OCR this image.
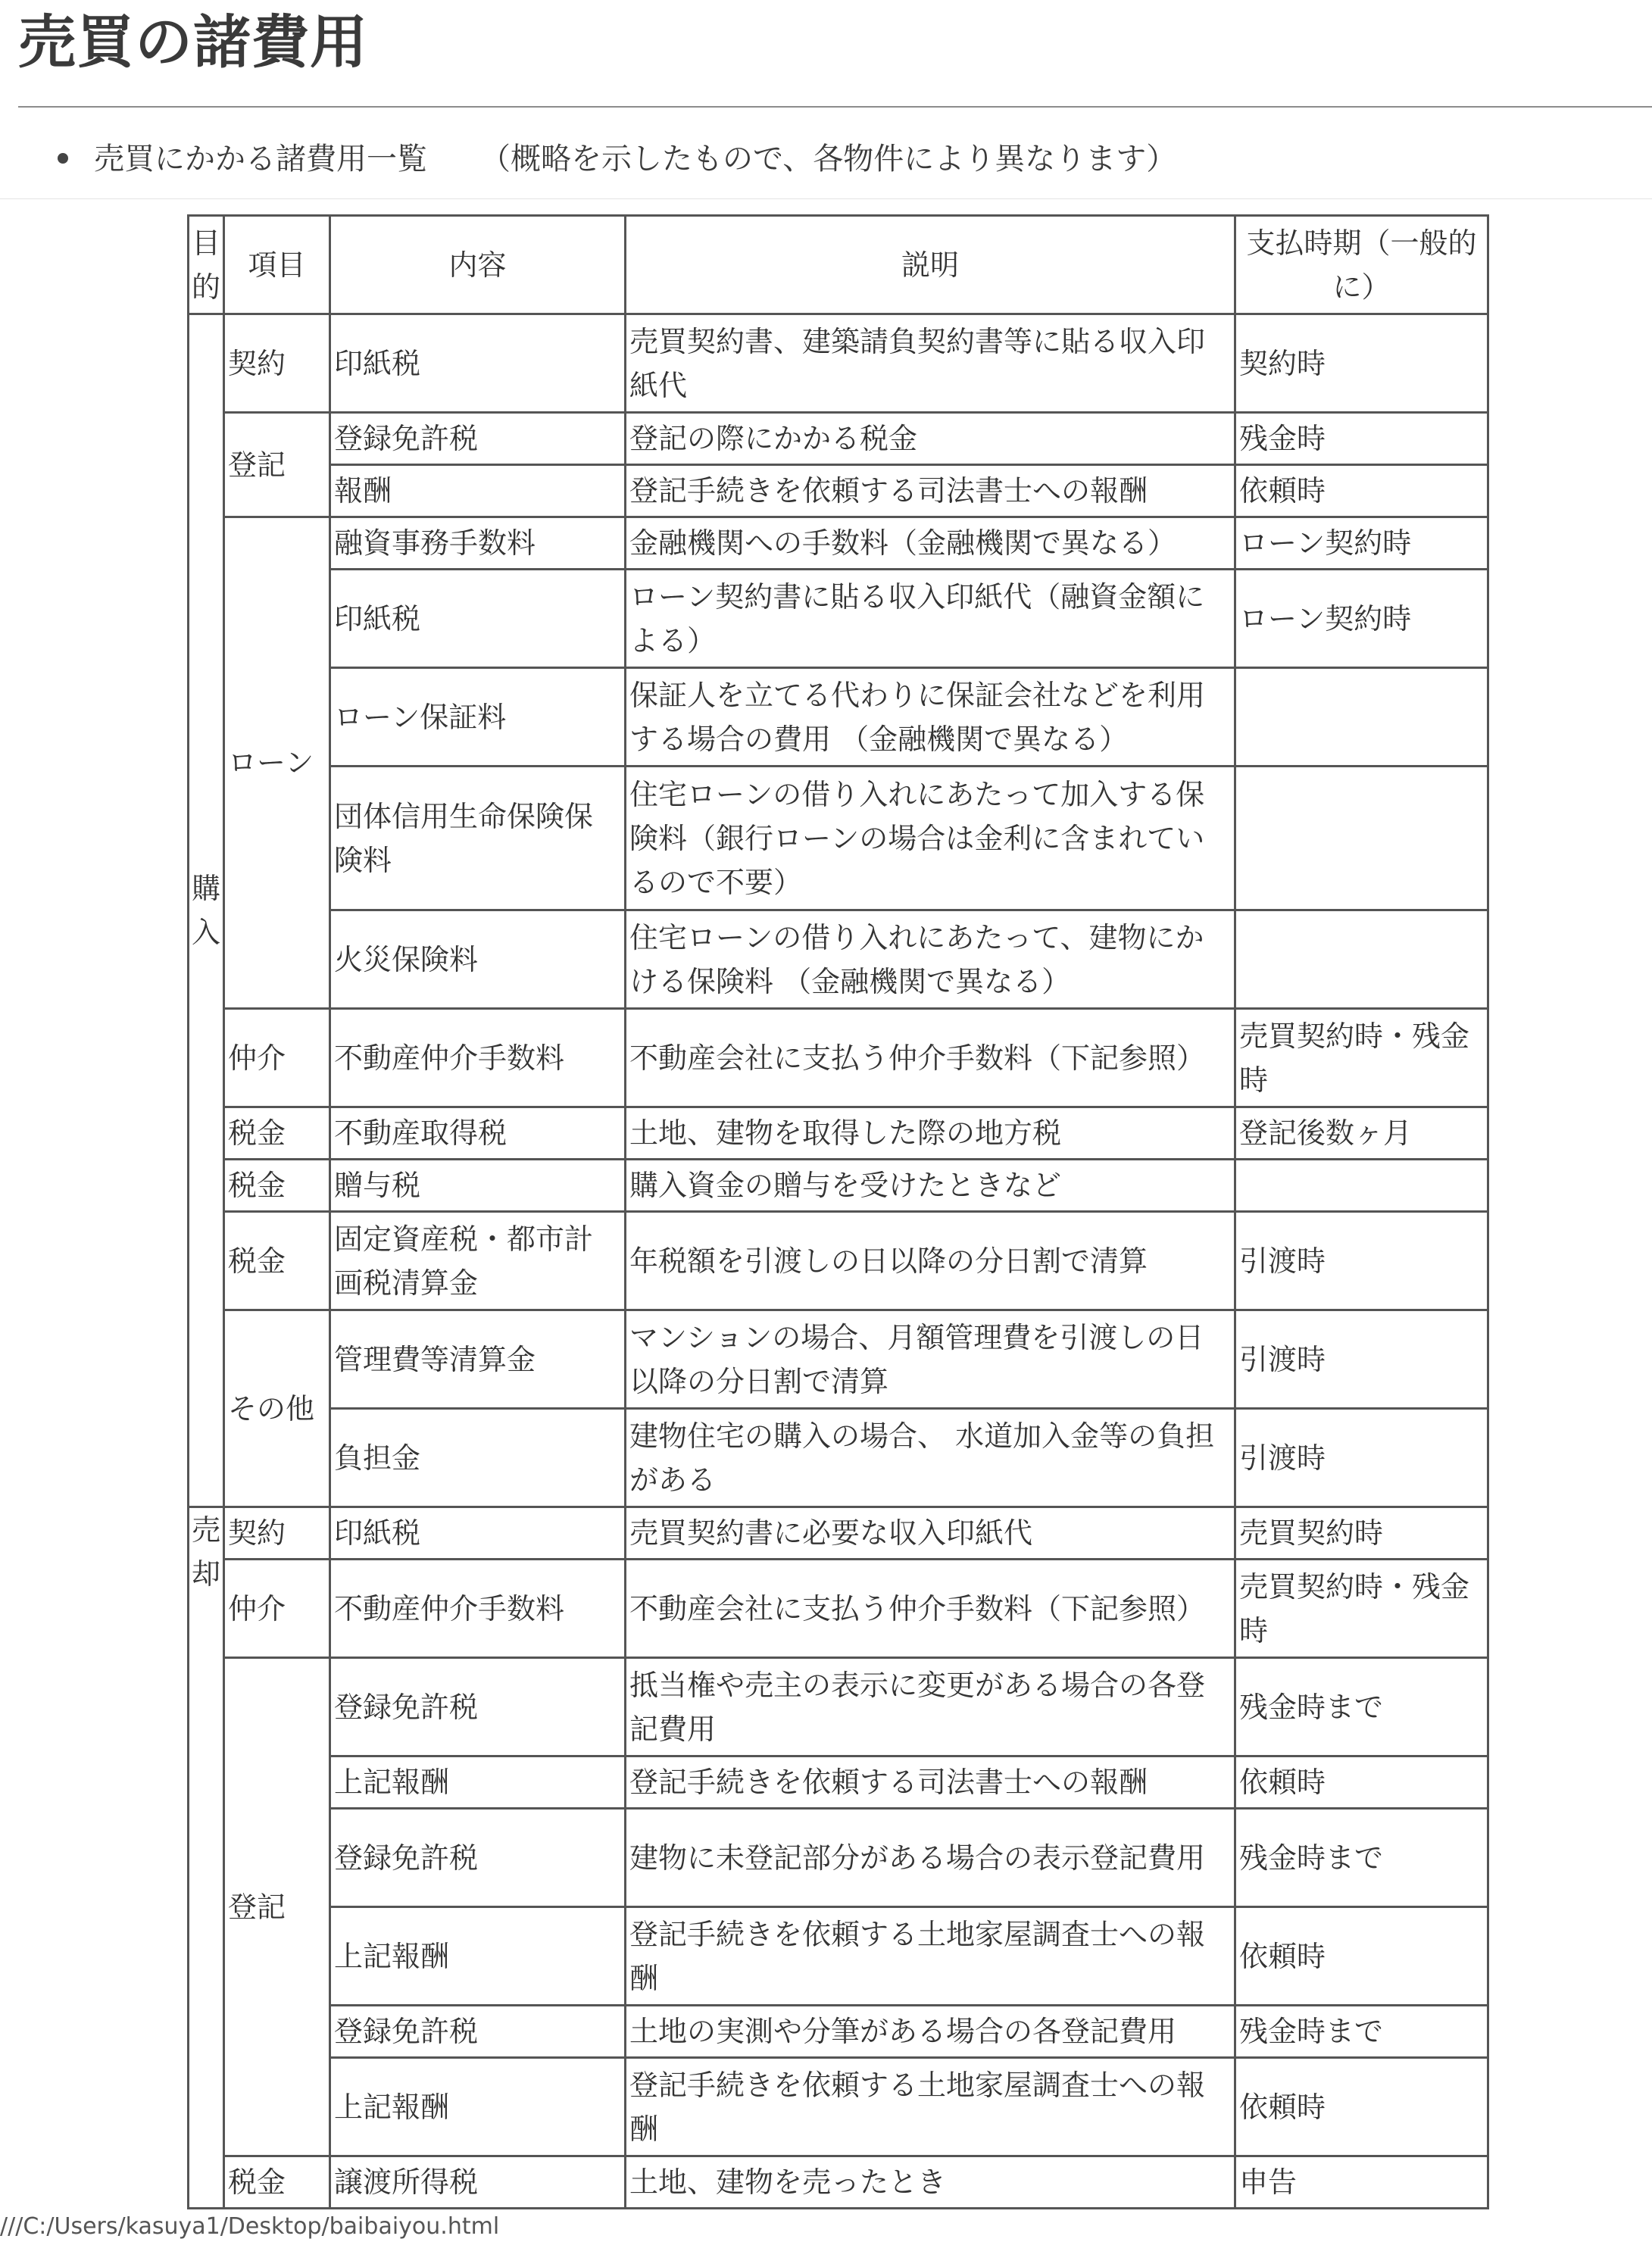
売買の諸費用
売買にかかる諸費用一覧 （概略を示したもので、各物件により異なります）
目的	項目	内容	説明	支払時期（一般的に）
購入	契約	印紙税	売買契約書、建築請負契約書等に貼る収入印紙代	契約時
	登記	登録免許税	登記の際にかかる税金	残金時
		報酬	登記手続きを依頼する司法書士への報酬	依頼時
	ローン	融資事務手数料	金融機関への手数料（金融機関で異なる）	ローン契約時
		印紙税	ローン契約書に貼る収入印紙代（融資金額による）	ローン契約時
		ローン保証料	保証人を立てる代わりに保証会社などを利用する場合の費用 （金融機関で異なる）	
		団体信用生命保険保険料	住宅ローンの借り入れにあたって加入する保険料（銀行ローンの場合は金利に含まれているので不要）	
		火災保険料	住宅ローンの借り入れにあたって、建物にかける保険料 （金融機関で異なる）	
	仲介	不動産仲介手数料	不動産会社に支払う仲介手数料（下記参照）	売買契約時・残金時
	税金	不動産取得税	土地、建物を取得した際の地方税	登記後数ヶ月
	税金	贈与税	購入資金の贈与を受けたときなど	
	税金	固定資産税・都市計画税清算金	年税額を引渡しの日以降の分日割で清算	引渡時
	その他	管理費等清算金	マンションの場合、月額管理費を引渡しの日以降の分日割で清算	引渡時
		負担金	建物住宅の購入の場合、 水道加入金等の負担がある	引渡時
売却	契約	印紙税	売買契約書に必要な収入印紙代	売買契約時
	仲介	不動産仲介手数料	不動産会社に支払う仲介手数料（下記参照）	売買契約時・残金時
	登記	登録免許税	抵当権や売主の表示に変更がある場合の各登記費用	残金時まで
		上記報酬	登記手続きを依頼する司法書士への報酬	依頼時
		登録免許税	建物に未登記部分がある場合の表示登記費用	残金時まで
		上記報酬	登記手続きを依頼する土地家屋調査士への報酬	依頼時
		登録免許税	土地の実測や分筆がある場合の各登記費用	残金時まで
		上記報酬	登記手続きを依頼する土地家屋調査士への報酬	依頼時
	税金	譲渡所得税	土地、建物を売ったとき	申告
///C:/Users/kasuya1/Desktop/baibaiyou.html
